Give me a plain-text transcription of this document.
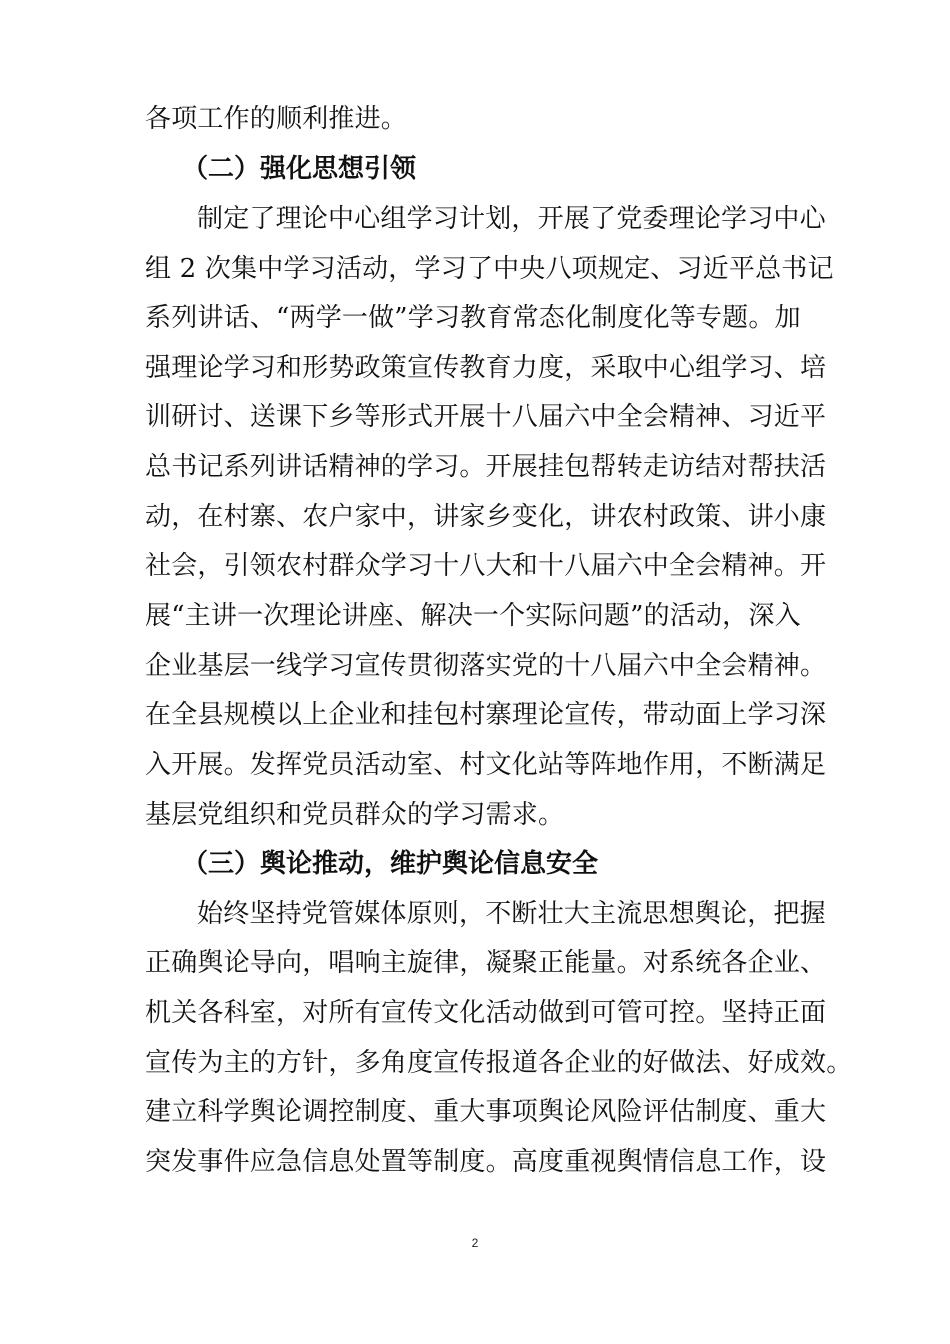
各项工作的顺利推进。
（二）强化思想引领
制定了理论中心组学习计划，开展了党委理论学习中心
组 2 次集中学习活动，学习了中央八项规定、习近平总书记
系列讲话、“两学一做”学习教育常态化制度化等专题。加
强理论学习和形势政策宣传教育力度，采取中心组学习、培
训研讨、送课下乡等形式开展十八届六中全会精神、习近平
总书记系列讲话精神的学习。开展挂包帮转走访结对帮扶活
动，在村寨、农户家中，讲家乡变化，讲农村政策、讲小康
社会，引领农村群众学习十八大和十八届六中全会精神。开
展“主讲一次理论讲座、解决一个实际问题”的活动，深入
企业基层一线学习宣传贯彻落实党的十八届六中全会精神。
在全县规模以上企业和挂包村寨理论宣传，带动面上学习深
入开展。发挥党员活动室、村文化站等阵地作用，不断满足
基层党组织和党员群众的学习需求。
（三）舆论推动，维护舆论信息安全
始终坚持党管媒体原则，不断壮大主流思想舆论，把握
正确舆论导向，唱响主旋律，凝聚正能量。对系统各企业、
机关各科室，对所有宣传文化活动做到可管可控。坚持正面
宣传为主的方针，多角度宣传报道各企业的好做法、好成效。
建立科学舆论调控制度、重大事项舆论风险评估制度、重大
突发事件应急信息处置等制度。高度重视舆情信息工作，设
2
